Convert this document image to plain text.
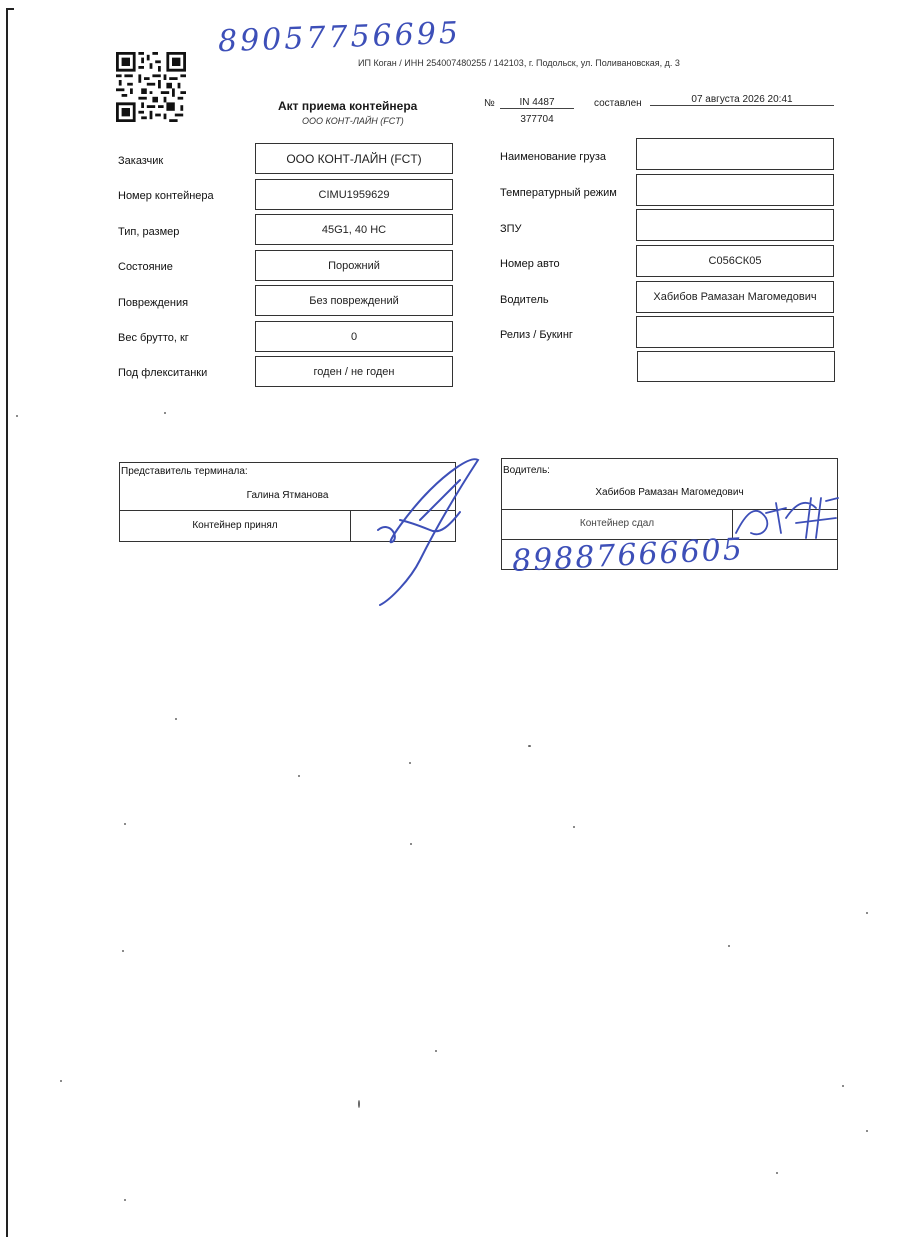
89057756695
ИП Коган / ИНН 254007480255 / 142103, г. Подольск, ул. Поливановская, д. 3
Акт приема контейнера
ООО КОНТ-ЛАЙН (FCT)
№	IN 4487
377704
составлен	07 августа 2026 20:41
Заказчик	ООО КОНТ-ЛАЙН (FCT)
Номер контейнера	CIMU1959629
Тип, размер	45G1, 40 HC
Состояние	Порожний
Повреждения	Без повреждений
Вес брутто, кг	0
Под флекситанки	годен / не годен
Наименование груза
Температурный режим
ЗПУ
Номер авто	С056СК05
Водитель	Хабибов Рамазан Магомедович
Релиз / Букинг
Представитель терминала:
Галина Ятманова
Контейнер принял
Водитель:
Хабибов Рамазан Магомедович
Контейнер сдал
89887666605
